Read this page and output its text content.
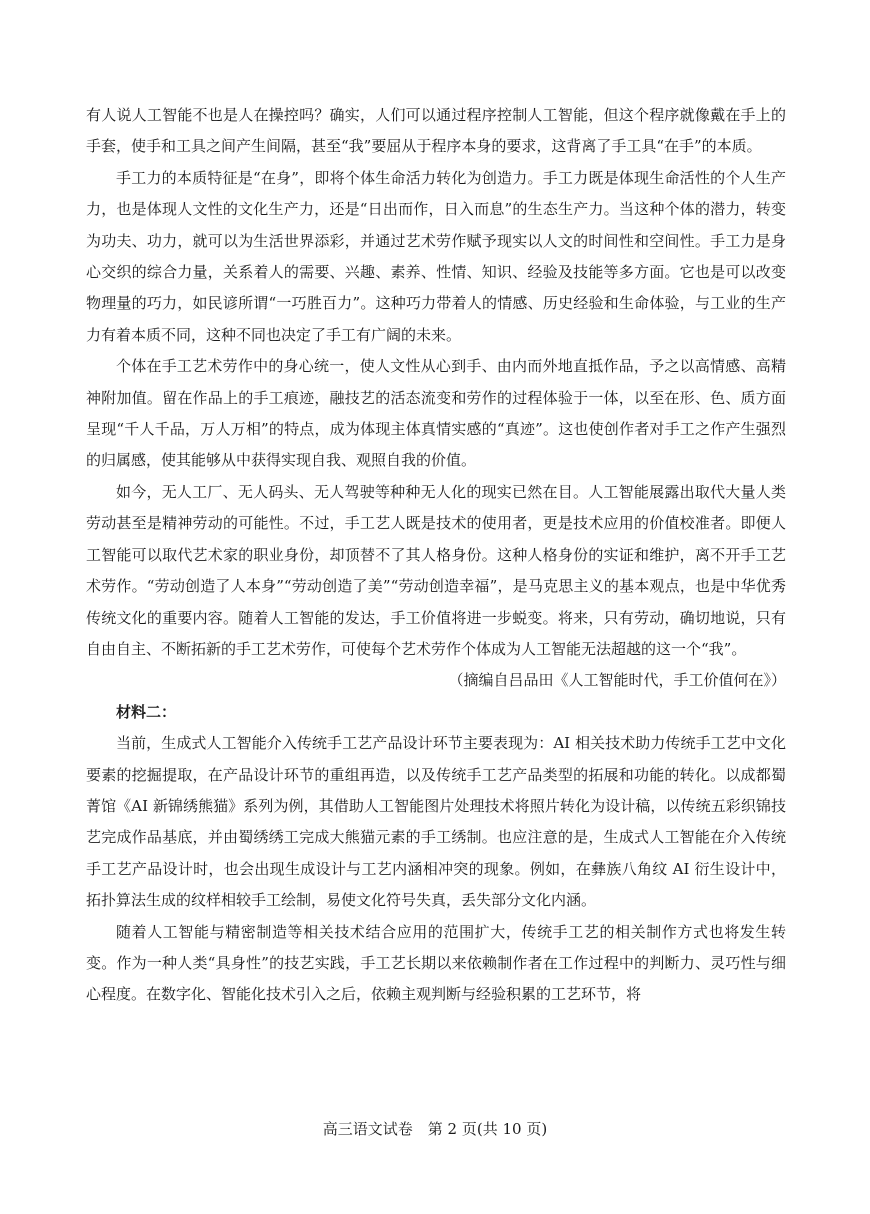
有人说人工智能不也是人在操控吗？确实，人们可以通过程序控制人工智能，但这个程序就像戴在手上的手套，使手和工具之间产生间隔，甚至“我”要屈从于程序本身的要求，这背离了手工具“在手”的本质。

手工力的本质特征是“在身”，即将个体生命活力转化为创造力。手工力既是体现生命活性的个人生产力，也是体现人文性的文化生产力，还是“日出而作，日入而息”的生态生产力。当这种个体的潜力，转变为功夫、功力，就可以为生活世界添彩，并通过艺术劳作赋予现实以人文的时间性和空间性。手工力是身心交织的综合力量，关系着人的需要、兴趣、素养、性情、知识、经验及技能等多方面。它也是可以改变物理量的巧力，如民谚所谓“一巧胜百力”。这种巧力带着人的情感、历史经验和生命体验，与工业的生产力有着本质不同，这种不同也决定了手工有广阔的未来。

个体在手工艺术劳作中的身心统一，使人文性从心到手、由内而外地直抵作品，予之以高情感、高精神附加值。留在作品上的手工痕迹，融技艺的活态流变和劳作的过程体验于一体，以至在形、色、质方面呈现“千人千品，万人万相”的特点，成为体现主体真情实感的“真迹”。这也使创作者对手工之作产生强烈的归属感，使其能够从中获得实现自我、观照自我的价值。

如今，无人工厂、无人码头、无人驾驶等种种无人化的现实已然在目。人工智能展露出取代大量人类劳动甚至是精神劳动的可能性。不过，手工艺人既是技术的使用者，更是技术应用的价值校准者。即便人工智能可以取代艺术家的职业身份，却顶替不了其人格身份。这种人格身份的实证和维护，离不开手工艺术劳作。“劳动创造了人本身”“劳动创造了美”“劳动创造幸福”，是马克思主义的基本观点，也是中华优秀传统文化的重要内容。随着人工智能的发达，手工价值将进一步蜕变。将来，只有劳动，确切地说，只有自由自主、不断拓新的手工艺术劳作，可使每个艺术劳作个体成为人工智能无法超越的这一个“我”。

（摘编自吕品田《人工智能时代，手工价值何在》）

材料二：

当前，生成式人工智能介入传统手工艺产品设计环节主要表现为：AI 相关技术助力传统手工艺中文化要素的挖掘提取，在产品设计环节的重组再造，以及传统手工艺产品类型的拓展和功能的转化。以成都蜀菁馆《AI 新锦绣熊猫》系列为例，其借助人工智能图片处理技术将照片转化为设计稿，以传统五彩织锦技艺完成作品基底，并由蜀绣绣工完成大熊猫元素的手工绣制。也应注意的是，生成式人工智能在介入传统手工艺产品设计时，也会出现生成设计与工艺内涵相冲突的现象。例如，在彝族八角纹 AI 衍生设计中，拓扑算法生成的纹样相较手工绘制，易使文化符号失真，丢失部分文化内涵。

随着人工智能与精密制造等相关技术结合应用的范围扩大，传统手工艺的相关制作方式也将发生转变。作为一种人类“具身性”的技艺实践，手工艺长期以来依赖制作者在工作过程中的判断力、灵巧性与细心程度。在数字化、智能化技术引入之后，依赖主观判断与经验积累的工艺环节，将

高三语文试卷　第 2 页(共 10 页)
